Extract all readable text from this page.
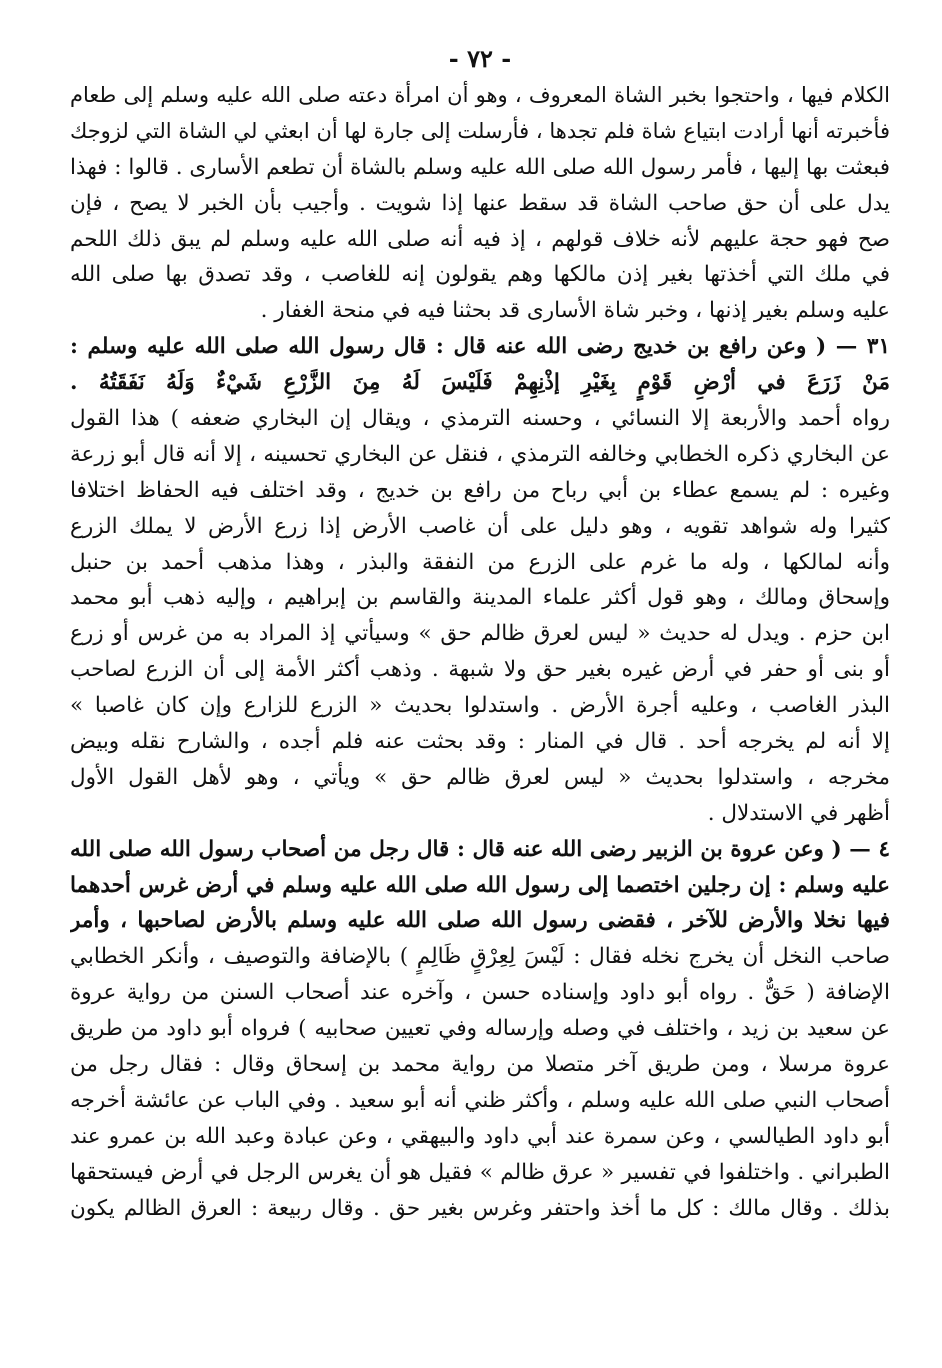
- ٧٢ -
الكلام فيها ، واحتجوا بخبر الشاة المعروف ، وهو أن امرأة دعته صلى الله عليه وسلم إلى طعام
فأخبرته أنها أرادت ابتياع شاة فلم تجدها ، فأرسلت إلى جارة لها أن ابعثي لي الشاة التي لزوجك
فبعثت بها إليها ، فأمر رسول الله صلى الله عليه وسلم بالشاة أن تطعم الأسارى . قالوا : فهذا
يدل على أن حق صاحب الشاة قد سقط عنها إذا شويت . وأجيب بأن الخبر لا يصح ، فإن
صح فهو حجة عليهم لأنه خلاف قولهم ، إذ فيه أنه صلى الله عليه وسلم لم يبق ذلك اللحم
في ملك التي أخذتها بغير إذن مالكها وهم يقولون إنه للغاصب ، وقد تصدق بها صلى الله
عليه وسلم بغير إذنها ، وخبر شاة الأسارى قد بحثنا فيه في منحة الغفار .
٣١ — ( وعن رافع بن خديج رضى الله عنه قال : قال رسول الله صلى الله عليه وسلم :
مَنْ زَرَعَ في أرْضِ قَوْمٍ بِغَيْرِ إذْنِهِمْ فَلَيْسَ لَهُ مِنَ الزَّرْعِ شَيْءٌ وَلَهُ نَفَقَتُهُ .
رواه أحمد والأربعة إلا النسائي ، وحسنه الترمذي ، ويقال إن البخاري ضعفه ) هذا القول
عن البخاري ذكره الخطابي وخالفه الترمذي ، فنقل عن البخاري تحسينه ، إلا أنه قال أبو زرعة
وغيره : لم يسمع عطاء بن أبي رباح من رافع بن خديج ، وقد اختلف فيه الحفاظ اختلافا
كثيرا وله شواهد تقويه ، وهو دليل على أن غاصب الأرض إذا زرع الأرض لا يملك الزرع
وأنه لمالكها ، وله ما غرم على الزرع من النفقة والبذر ، وهذا مذهب أحمد بن حنبل
وإسحاق ومالك ، وهو قول أكثر علماء المدينة والقاسم بن إبراهيم ، وإليه ذهب أبو محمد
ابن حزم . ويدل له حديث « ليس لعرق ظالم حق » وسيأتي إذ المراد به من غرس أو زرع
أو بنى أو حفر في أرض غيره بغير حق ولا شبهة . وذهب أكثر الأمة إلى أن الزرع لصاحب
البذر الغاصب ، وعليه أجرة الأرض . واستدلوا بحديث « الزرع للزارع وإن كان غاصبا »
إلا أنه لم يخرجه أحد . قال في المنار : وقد بحثت عنه فلم أجده ، والشارح نقله وبيض
مخرجه ، واستدلوا بحديث « ليس لعرق ظالم حق » ويأتي ، وهو لأهل القول الأول
أظهر في الاستدلال .
٤ — ( وعن عروة بن الزبير رضى الله عنه قال : قال رجل من أصحاب رسول الله صلى الله
عليه وسلم : إن رجلين اختصما إلى رسول الله صلى الله عليه وسلم في أرض غرس أحدهما
فيها نخلا والأرض للآخر ، فقضى رسول الله صلى الله عليه وسلم بالأرض لصاحبها ، وأمر
صاحب النخل أن يخرج نخله فقال : لَيْسَ لِعِرْقٍ ظَالِمٍ ) بالإضافة والتوصيف ، وأنكر الخطابي
الإضافة ( حَقٌّ . رواه أبو داود وإسناده حسن ، وآخره عند أصحاب السنن من رواية عروة
عن سعيد بن زيد ، واختلف في وصله وإرساله وفي تعيين صحابيه ) فرواه أبو داود من طريق
عروة مرسلا ، ومن طريق آخر متصلا من رواية محمد بن إسحاق وقال : فقال رجل من
أصحاب النبي صلى الله عليه وسلم ، وأكثر ظني أنه أبو سعيد . وفي الباب عن عائشة أخرجه
أبو داود الطيالسي ، وعن سمرة عند أبي داود والبيهقي ، وعن عبادة وعبد الله بن عمرو عند
الطبراني . واختلفوا في تفسير « عرق ظالم » فقيل هو أن يغرس الرجل في أرض فيستحقها
بذلك . وقال مالك : كل ما أخذ واحتفر وغرس بغير حق . وقال ربيعة : العرق الظالم يكون
